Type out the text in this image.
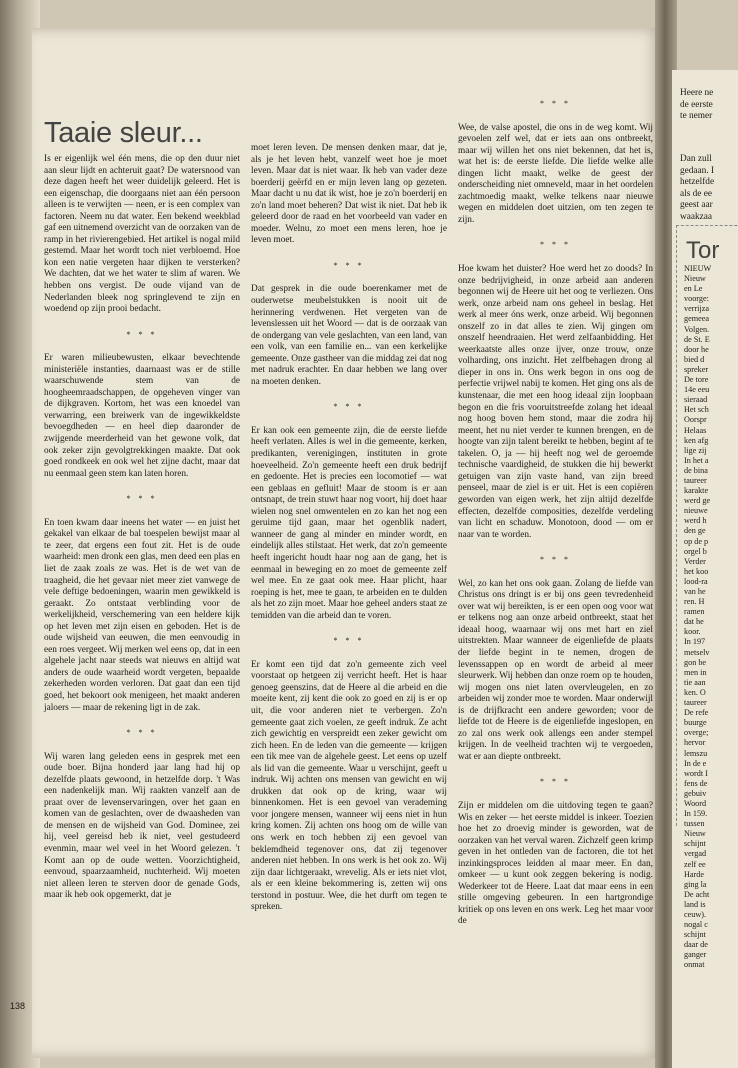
Heere ne
de eerste
te nemer
Dan zull
gedaan. I
hetzelfde
als de ee
geest aar
waakzaa
Tor
NIEUW
Nieuw
en Le
voorge:
verrijza
gemeea
Volgen.
de St. E
door he
bied d
spreker
De tore
14e eeu
sieraad
Het sch
Oorspr
Helaas
ken afg
lige zij
In het a
de bina
taureer
karakte
werd ge
nieuwe
werd h
den ge
op de p
orgel b
Verder
het koo
lood-ra
van he
ren. H
ramen
dat he
koor.
In 197
metselv
gon be
men in
tie aan
ken. O
taureer
De refe
buurge
overge;
hervor
lemszu
In de e
wordt I
fens de
gebuiv
Woord
In 159.
tussen
Nieuw
schijnt
vergad
zelf ee
Harde
ging la
De acht
land is
ceuw).
nogal c
schijnt
daar de
ganger
onmat
Taaie sleur...

Is er eigenlijk wel één mens, die op den duur niet aan sleur lijdt en achteruit gaat? De watersnood van deze dagen heeft het weer duidelijk geleerd. Het is een eigenschap, die doorgaans niet aan één persoon alleen is te verwijten — neen, er is een complex van factoren. Neem nu dat water. Een bekend weekblad gaf een uitnemend overzicht van de oorzaken van de ramp in het rivierengebied. Het artikel is nogal mild gestemd. Maar het wordt toch niet verbloemd. Hoe kon een natie vergeten haar dijken te versterken? We dachten, dat we het water te slim af waren. We hebben ons vergist. De oude vijand van de Nederlanden bleek nog springlevend te zijn en woedend op zijn prooi bedacht.

* * *

Er waren milieubewusten, elkaar bevechtende ministeriële instanties, daarnaast was er de stille waarschuwende stem van de hoogheemraadschappen, de opgeheven vinger van de dijkgraven. Kortom, het was een knoedel van verwarring, een breiwerk van de ingewikkeldste bevoegdheden — en heel diep daaronder de zwijgende meerderheid van het gewone volk, dat ook zeker zijn gevolgtrekkingen maakte. Dat ook goed rondkeek en ook wel het zijne dacht, maar dat nu eenmaal geen stem kan laten horen.

* * *

En toen kwam daar ineens het water — en juist het gekakel van elkaar de bal toespelen bewijst maar al te zeer, dat ergens een fout zit. Het is de oude waarheid: men dronk een glas, men deed een plas en liet de zaak zoals ze was. Het is de wet van de traagheid, die het gevaar niet meer ziet vanwege de vele deftige bedoeningen, waarin men gewikkeld is geraakt. Zo ontstaat verblinding voor de werkelijkheid, verschemering van een heldere kijk op het leven met zijn eisen en geboden. Het is de oude wijsheid van eeuwen, die men eenvoudig in een roes vergeet. Wij merken wel eens op, dat in een algehele jacht naar steeds wat nieuws en altijd wat anders de oude waarheid wordt vergeten, bepaalde zekerheden worden verloren. Dat gaat dan een tijd goed, het bekoort ook menigeen, het maakt anderen jaloers — maar de rekening ligt in de zak.

* * *

Wij waren lang geleden eens in gesprek met een oude boer. Bijna honderd jaar lang had hij op dezelfde plaats gewoond, in hetzelfde dorp. 't Was een nadenkelijk man. Wij raakten vanzelf aan de praat over de levenservaringen, over het gaan en komen van de geslachten, over de dwaasheden van de mensen en de wijsheid van God. Dominee, zei hij, veel gereisd heb ik niet, veel gestudeerd evenmin, maar wel veel in het Woord gelezen. 't Komt aan op de oude wetten. Voorzichtigheid, eenvoud, spaarzaamheid, nuchterheid. Wij moeten niet alleen leren te sterven door de genade Gods, maar ik heb ook opgemerkt, dat je

moet leren leven. De mensen denken maar, dat je, als je het leven hebt, vanzelf weet hoe je moet leven. Maar dat is niet waar. Ik heb van vader deze boerderij geërfd en er mijn leven lang op gezeten. Maar dacht u nu dat ik wist, hoe je zo'n boerderij en zo'n land moet beheren? Dat wist ik niet. Dat heb ik geleerd door de raad en het voorbeeld van vader en moeder. Welnu, zo moet een mens leren, hoe je leven moet.

* * *

Dat gesprek in die oude boerenkamer met de ouderwetse meubelstukken is nooit uit de herinnering verdwenen. Het vergeten van de levenslessen uit het Woord — dat is de oorzaak van de ondergang van vele geslachten, van een land, van een volk, van een familie en... van een kerkelijke gemeente. Onze gastheer van die middag zei dat nog met nadruk erachter. En daar hebben we lang over na moeten denken.

* * *

Er kan ook een gemeente zijn, die de eerste liefde heeft verlaten. Alles is wel in die gemeente, kerken, predikanten, verenigingen, instituten in grote hoeveelheid. Zo'n gemeente heeft een druk bedrijf en gedoente. Het is precies een locomotief — wat een geblaas en gefluit! Maar de stoom is er aan ontsnapt, de trein stuwt haar nog voort, hij doet haar wielen nog snel omwentelen en zo kan het nog een geruime tijd gaan, maar het ogenblik nadert, wanneer de gang al minder en minder wordt, en eindelijk alles stilstaat. Het werk, dat zo'n gemeente heeft ingericht houdt haar nog aan de gang, het is eenmaal in beweging en zo moet de gemeente zelf wel mee. En ze gaat ook mee. Haar plicht, haar roeping is het, mee te gaan, te arbeiden en te dulden als het zo zijn moet. Maar hoe geheel anders staat ze temidden van die arbeid dan te voren.

* * *

Er komt een tijd dat zo'n gemeente zich veel voorstaat op hetgeen zij verricht heeft. Het is haar genoeg geenszins, dat de Heere al die arbeid en die moeite kent, zij kent die ook zo goed en zij is er op uit, die voor anderen niet te verbergen. Zo'n gemeente gaat zich voelen, ze geeft indruk. Ze acht zich gewichtig en verspreidt een zeker gewicht om zich heen. En de leden van die gemeente — krijgen een tik mee van de algehele geest. Let eens op uzelf als lid van die gemeente. Waar u verschijnt, geeft u indruk. Wij achten ons mensen van gewicht en wij drukken dat ook op de kring, waar wij binnenkomen. Het is een gevoel van verademing voor jongere mensen, wanneer wij eens niet in hun kring komen. Zij achten ons hoog om de wille van ons werk en toch hebben zij een gevoel van beklemdheid tegenover ons, dat zij tegenover anderen niet hebben. In ons werk is het ook zo. Wij zijn daar lichtgeraakt, wrevelig. Als er iets niet vlot, als er een kleine bekommering is, zetten wij ons terstond in postuur. Wee, die het durft om tegen te spreken.

* * *

Wee, de valse apostel, die ons in de weg komt. Wij gevoelen zelf wel, dat er iets aan ons ontbreekt, maar wij willen het ons niet bekennen, dat het is, wat het is: de eerste liefde. Die liefde welke alle dingen licht maakt, welke de geest der onderscheiding niet omneveld, maar in het oordelen zachtmoedig maakt, welke telkens naar nieuwe wegen en middelen doet uitzien, om ten zegen te zijn.

* * *

Hoe kwam het duister? Hoe werd het zo doods? In onze bedrijvigheid, in onze arbeid aan anderen begonnen wij de Heere uit het oog te verliezen. Ons werk, onze arbeid nam ons geheel in beslag. Het werk al meer óns werk, onze arbeid. Wij begonnen onszelf zo in dat alles te zien. Wij gingen om onszelf heendraaien. Het werd zelfaanbidding. Het weerkaatste alles onze ijver, onze trouw, onze volharding, ons inzicht. Het zelfbehagen drong al dieper in ons in. Ons werk begon in ons oog de perfectie vrijwel nabij te komen. Het ging ons als de kunstenaar, die met een hoog ideaal zijn loopbaan begon en die fris vooruitstreefde zolang het ideaal nog hoog boven hem stond, maar die zodra hij meent, het nu niet verder te kunnen brengen, en de hoogte van zijn talent bereikt te hebben, begint af te takelen. O, ja — hij heeft nog wel de geroemde technische vaardigheid, de stukken die hij bewerkt getuigen van zijn vaste hand, van zijn breed penseel, maar de ziel is er uit. Het is een copiëren geworden van eigen werk, het zijn altijd dezelfde effecten, dezelfde composities, dezelfde verdeling van licht en schaduw. Monotoon, dood — om er naar van te worden.

* * *

Wel, zo kan het ons ook gaan. Zolang de liefde van Christus ons dringt is er bij ons geen tevredenheid over wat wij bereikten, is er een open oog voor wat er telkens nog aan onze arbeid ontbreekt, staat het ideaal hoog, waarnaar wij ons met hart en ziel uitstrekten. Maar wanneer de eigenliefde de plaats der liefde begint in te nemen, drogen de levenssappen op en wordt de arbeid al meer sleurwerk. Wij hebben dan onze roem op te houden, wij mogen ons niet laten overvleugelen, en zo arbeiden wij zonder moe te worden. Maar onderwijl is de drijfkracht een andere geworden; voor de liefde tot de Heere is de eigenliefde ingeslopen, en zo zal ons werk ook allengs een ander stempel krijgen. In de veelheid trachten wij te vergoeden, wat er aan diepte ontbreekt.

* * *

Zijn er middelen om die uitdoving tegen te gaan? Wis en zeker — het eerste middel is inkeer. Toezien hoe het zo droevig minder is geworden, wat de oorzaken van het verval waren. Zichzelf geen krimp geven in het ontleden van de factoren, die tot het inzinkingsproces leidden al maar meer. En dan, omkeer — u kunt ook zeggen bekering is nodig. Wederkeer tot de Heere. Laat dat maar eens in een stille omgeving gebeuren. In een hartgrondige kritiek op ons leven en ons werk. Leg het maar voor de

138
